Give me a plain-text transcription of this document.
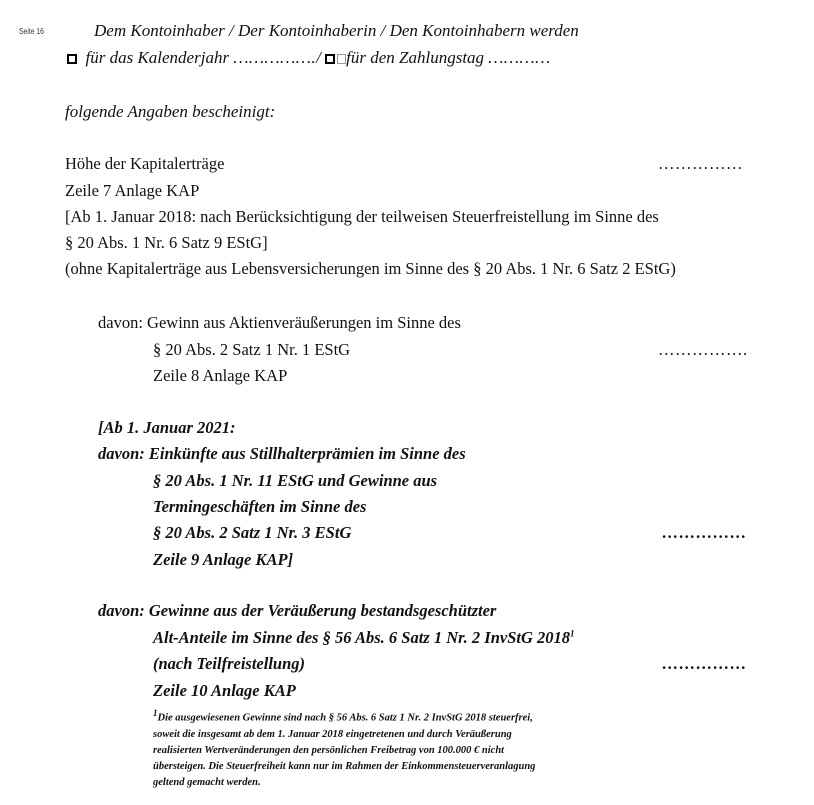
Seite 16	Dem Kontoinhaber / Der Kontoinhaberin / Den Kontoinhabern werden
für das Kalenderjahr ……………./ für den Zahlungstag …………
folgende Angaben bescheinigt:
Höhe der Kapitalerträge	……………
Zeile 7 Anlage KAP
[Ab 1. Januar 2018: nach Berücksichtigung der teilweisen Steuerfreistellung im Sinne des
§ 20 Abs. 1 Nr. 6 Satz 9 EStG]
(ohne Kapitalerträge aus Lebensversicherungen im Sinne des § 20 Abs. 1 Nr. 6 Satz 2 EStG)
davon: Gewinn aus Aktienveräußerungen im Sinne des
§ 20 Abs. 2 Satz 1 Nr. 1 EStG	…………….
Zeile 8 Anlage KAP
[Ab 1. Januar 2021:
davon: Einkünfte aus Stillhalterprämien im Sinne des
§ 20 Abs. 1 Nr. 11 EStG und Gewinne aus
Termingeschäften im Sinne des
§ 20 Abs. 2 Satz 1 Nr. 3 EStG	……………
Zeile 9 Anlage KAP]
davon: Gewinne aus der Veräußerung bestandsgeschützter
Alt-Anteile im Sinne des § 56 Abs. 6 Satz 1 Nr. 2 InvStG 2018$^1$
(nach Teilfreistellung)	……………
Zeile 10 Anlage KAP
$^1$Die ausgewiesenen Gewinne sind nach § 56 Abs. 6 Satz 1 Nr. 2 InvStG 2018 steuerfrei,
soweit die insgesamt ab dem 1. Januar 2018 eingetretenen und durch Veräußerung
realisierten Wertveränderungen den persönlichen Freibetrag von 100.000 € nicht
übersteigen. Die Steuerfreiheit kann nur im Rahmen der Einkommensteuerveranlagung
geltend gemacht werden.
